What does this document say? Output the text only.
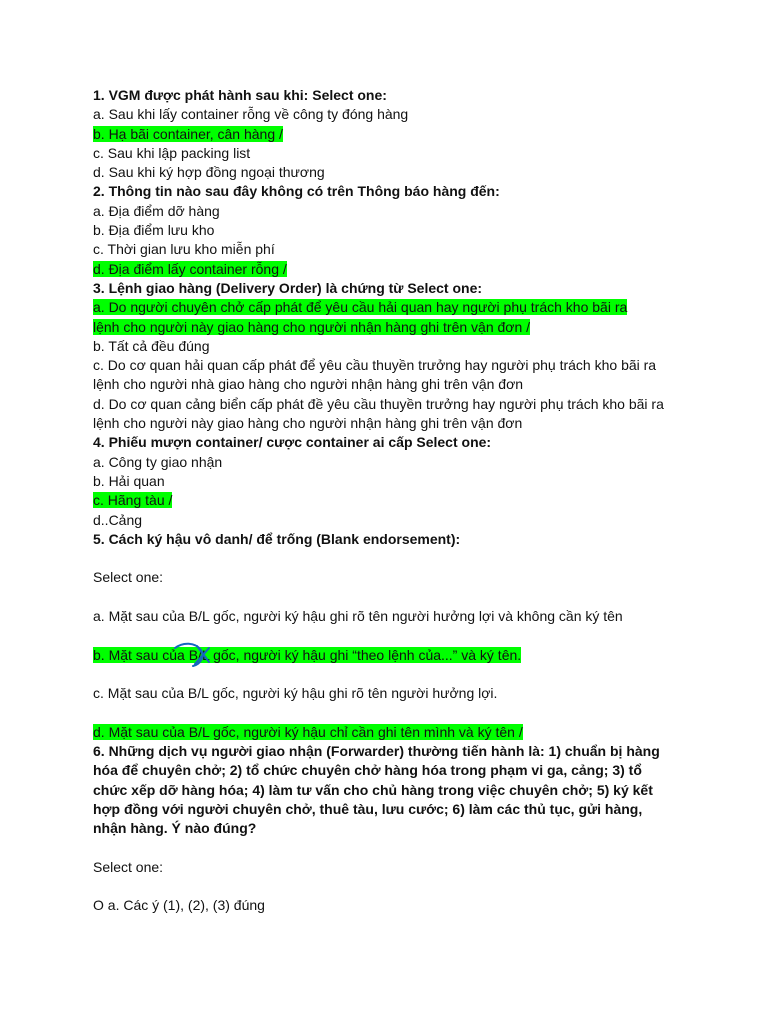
1. VGM được phát hành sau khi: Select one:
a. Sau khi lấy container rỗng về công ty đóng hàng
b. Hạ bãi container, cân hàng /
c. Sau khi lập packing list
d. Sau khi ký hợp đồng ngoại thương
2. Thông tin nào sau đây không có trên Thông báo hàng đến:
a. Địa điểm dỡ hàng
b. Địa điểm lưu kho
c. Thời gian lưu kho miễn phí
d. Địa điểm lấy container rỗng /
3. Lệnh giao hàng (Delivery Order) là chứng từ Select one:
a. Do người chuyên chở cấp phát để yêu cầu hải quan hay người phụ trách kho bãi ra lệnh cho người này giao hàng cho người nhận hàng ghi trên vận đơn /
b. Tất cả đều đúng
c. Do cơ quan hải quan cấp phát để yêu cầu thuyền trưởng hay người phụ trách kho bãi ra lệnh cho người nhà giao hàng cho người nhận hàng ghi trên vận đơn
d. Do cơ quan cảng biển cấp phát đề yêu cầu thuyền trưởng hay người phụ trách kho bãi ra lệnh cho người này giao hàng cho người nhận hàng ghi trên vận đơn
4. Phiếu mượn container/ cược container ai cấp Select one:
a. Công ty giao nhận
b. Hải quan
c. Hãng tàu /
d..Cảng
5. Cách ký hậu vô danh/ để trống (Blank endorsement):
Select one:
a. Mặt sau của B/L gốc, người ký hậu ghi rõ tên người hưởng lợi và không cần ký tên
b. Mặt sau của B/L gốc, người ký hậu ghi “theo lệnh của...” và ký tên.
c. Mặt sau của B/L gốc, người ký hậu ghi rõ tên người hưởng lợi.
d. Mặt sau của B/L gốc, người ký hậu chỉ cần ghi tên mình và ký tên /
6. Những dịch vụ người giao nhận (Forwarder) thường tiến hành là: 1) chuẩn bị hàng hóa để chuyên chở; 2) tổ chức chuyên chở hàng hóa trong phạm vi ga, cảng; 3) tổ chức xếp dỡ hàng hóa; 4) làm tư vấn cho chủ hàng trong việc chuyên chở; 5) ký kết hợp đồng với người chuyên chở, thuê tàu, lưu cước; 6) làm các thủ tục, gửi hàng, nhận hàng. Ý nào đúng?
Select one:
O a. Các ý (1), (2), (3) đúng
